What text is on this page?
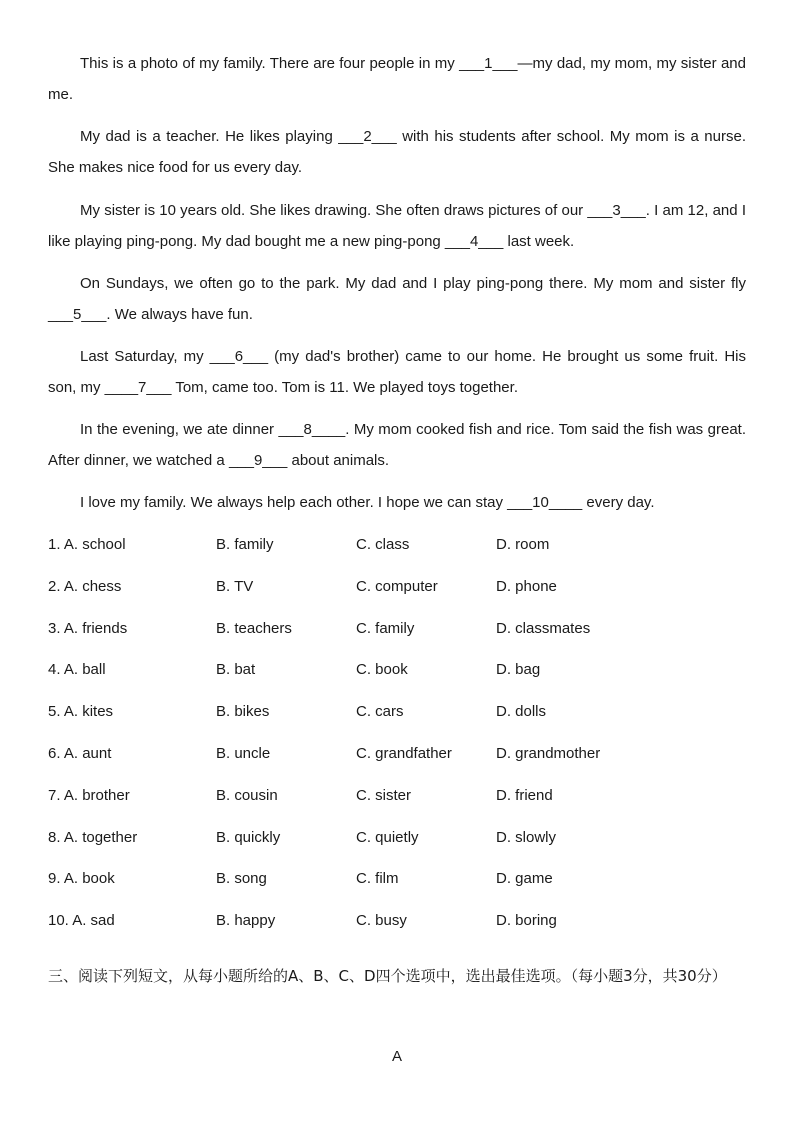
This is a photo of my family. There are four people in my ___1___—my dad, my mom, my sister and me.

My dad is a teacher. He likes playing ___2___ with his students after school. My mom is a nurse. She makes nice food for us every day.

My sister is 10 years old. She likes drawing. She often draws pictures of our ___3___. I am 12, and I like playing ping-pong. My dad bought me a new ping-pong ___4___ last week.

On Sundays, we often go to the park. My dad and I play ping-pong there. My mom and sister fly ___5___. We always have fun.

Last Saturday, my ___6___ (my dad's brother) came to our home. He brought us some fruit. His son, my ____7___ Tom, came too. Tom is 11. We played toys together.

In the evening, we ate dinner ___8____. My mom cooked fish and rice. Tom said the fish was great. After dinner, we watched a ___9___ about animals.

I love my family. We always help each other. I hope we can stay ___10____ every day.

1. A. school	B. family	C. class	D. room
2. A. chess	B. TV	C. computer	D. phone
3. A. friends	B. teachers	C. family	D. classmates
4. A. ball	B. bat	C. book	D. bag
5. A. kites	B. bikes	C. cars	D. dolls
6. A. aunt	B. uncle	C. grandfather	D. grandmother
7. A. brother	B. cousin	C. sister	D. friend
8. A. together	B. quickly	C. quietly	D. slowly
9. A. book	B. song	C. film	D. game
10. A. sad	B. happy	C. busy	D. boring

三、阅读下列短文，从每小题所给的A、B、C、D四个选项中，选出最佳选项。（每小题3分，共30分）

A
